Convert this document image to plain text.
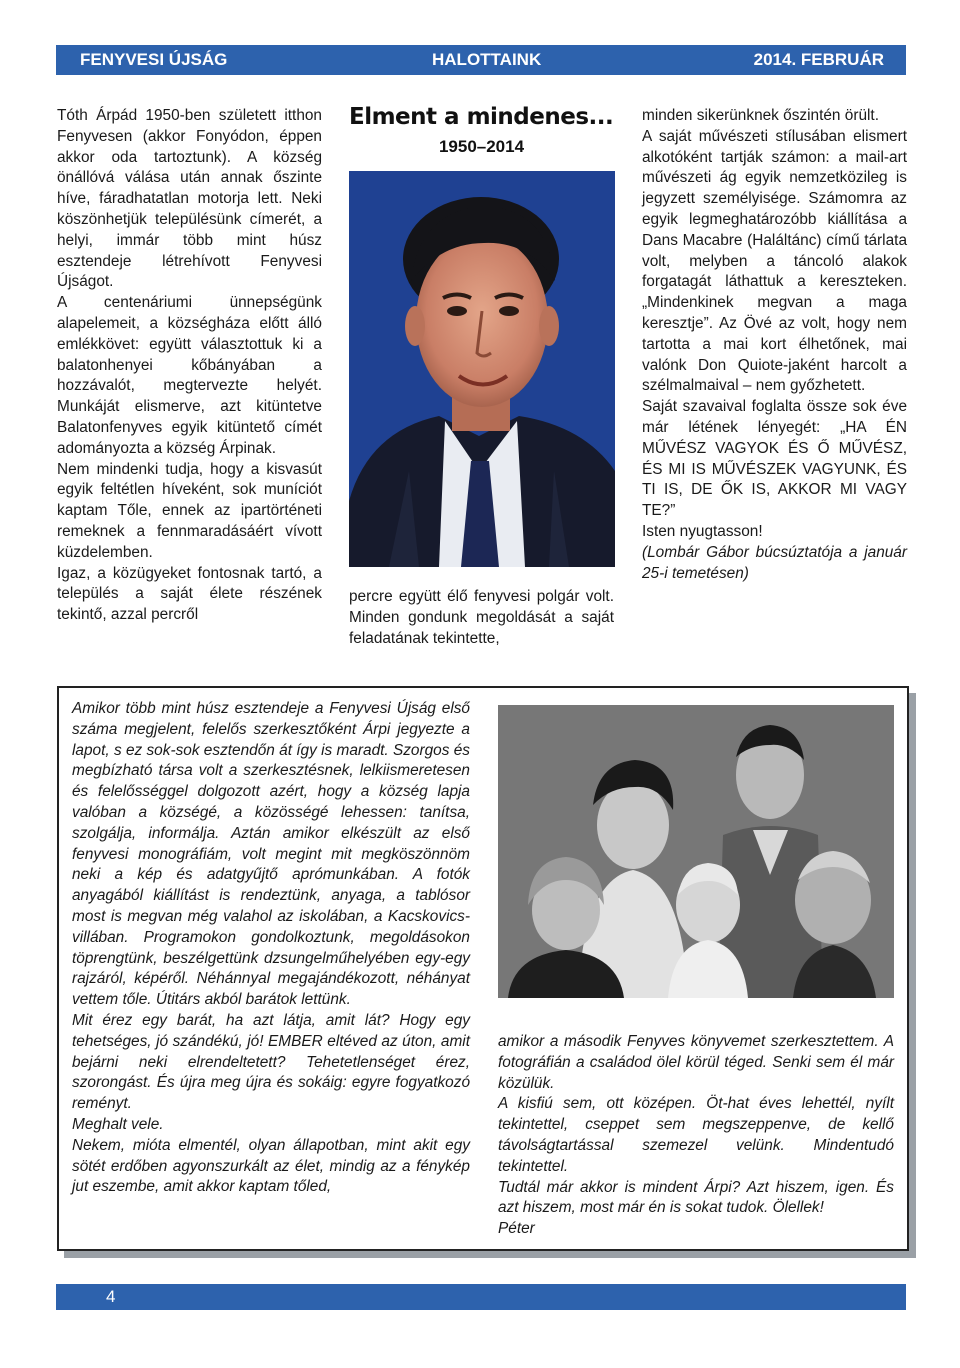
FENYVESI ÚJSÁG	HALOTTAINK	2014. FEBRUÁR

Tóth Árpád 1950-ben született itthon Fenyvesen (akkor Fonyódon, éppen akkor oda tartoztunk). A község önállóvá válása után annak őszinte híve, fáradhatatlan motorja lett. Neki köszönhetjük településünk címerét, a helyi, immár több mint húsz esztendeje létrehívott Fenyvesi Újságot.

A centenáriumi ünnepségünk alapelemeit, a községháza előtt álló emlékkövet: együtt választottuk ki a balatonhenyei kőbányában a hozzávalót, megtervezte helyét. Munkáját elismerve, azt kitüntetve Balatonfenyves egyik kitüntető címét adományozta a község Árpinak.

Nem mindenki tudja, hogy a kisvasút egyik feltétlen híveként, sok muníciót kaptam Tőle, ennek az ipartörténeti remeknek a fennmaradásáért vívott küzdelemben.

Igaz, a közügyeket fontosnak tartó, a település a saját élete részének tekintő, azzal percről

Elment a mindenes...
1950–2014

percre együtt élő fenyvesi polgár volt. Minden gondunk megoldását a saját feladatának tekintette,

minden sikerünknek őszintén örült.

A saját művészeti stílusában elismert alkotóként tartják számon: a mail-art művészeti ág egyik nemzetközileg is jegyzett személyisége. Számomra az egyik legmeghatározóbb kiállítása a Dans Macabre (Haláltánc) című tárlata volt, melyben a táncoló alakok forgatagát láthattuk a kereszteken. „Mindenkinek megvan a maga keresztje”. Az Övé az volt, hogy nem tartotta a mai kort élhetőnek, mai valónk Don Quiote-jaként harcolt a szélmalmaival – nem győzhetett.

Saját szavaival foglalta össze sok éve már létének lényegét: „HA ÉN MŰVÉSZ VAGYOK ÉS Ő MŰVÉSZ, ÉS MI IS MŰVÉSZEK VAGYUNK, ÉS TI IS, DE ŐK IS, AKKOR MI VAGY TE?”

Isten nyugtasson!

(Lombár Gábor búcsúztatója a január 25-i temetésen)

Amikor több mint húsz esztendeje a Fenyvesi Újság első száma megjelent, felelős szerkesztőként Árpi jegyezte a lapot, s ez sok-sok esztendőn át így is maradt. Szorgos és megbízható társa volt a szerkesztésnek, lelkiismeretesen és felelősséggel dolgozott azért, hogy a község lapja valóban a községé, a közösségé lehessen: tanítsa, szolgálja, informálja. Aztán amikor elkészült az első fenyvesi monográfiám, volt megint mit megköszönnöm neki a kép és adatgyűjtő aprómunkában. A fotók anyagából kiállítást is rendeztünk, anyaga, a tablósor most is megvan még valahol az iskolában, a Kacskovics-villában. Programokon gondolkoztunk, megoldásokon töprengtünk, beszélgettünk dzsungelműhelyében egy-egy rajzáról, képéről. Néhánnyal megajándékozott, néhányat vettem tőle. Útitárs akból barátok lettünk.

Mit érez egy barát, ha azt látja, amit lát? Hogy egy tehetséges, jó szándékú, jó! EMBER eltéved az úton, amit bejárni neki elrendeltetett? Tehetetlenséget érez, szorongást. És újra meg újra és sokáig: egyre fogyatkozó reményt.

Meghalt vele.

Nekem, mióta elmentél, olyan állapotban, mint akit egy sötét erdőben agyonszurkált az élet, mindig az a fénykép jut eszembe, amit akkor kaptam tőled,

amikor a második Fenyves könyvemet szerkesztettem. A fotográfián a családod ölel körül téged. Senki sem él már közülük.

A kisfiú sem, ott középen. Öt-hat éves lehettél, nyílt tekintettel, cseppet sem megszeppenve, de kellő távolságtartással szemezel velünk. Mindentudó tekintettel.

Tudtál már akkor is mindent Árpi? Azt hiszem, igen. És azt hiszem, most már én is sokat tudok. Ölellek!

Péter

4
